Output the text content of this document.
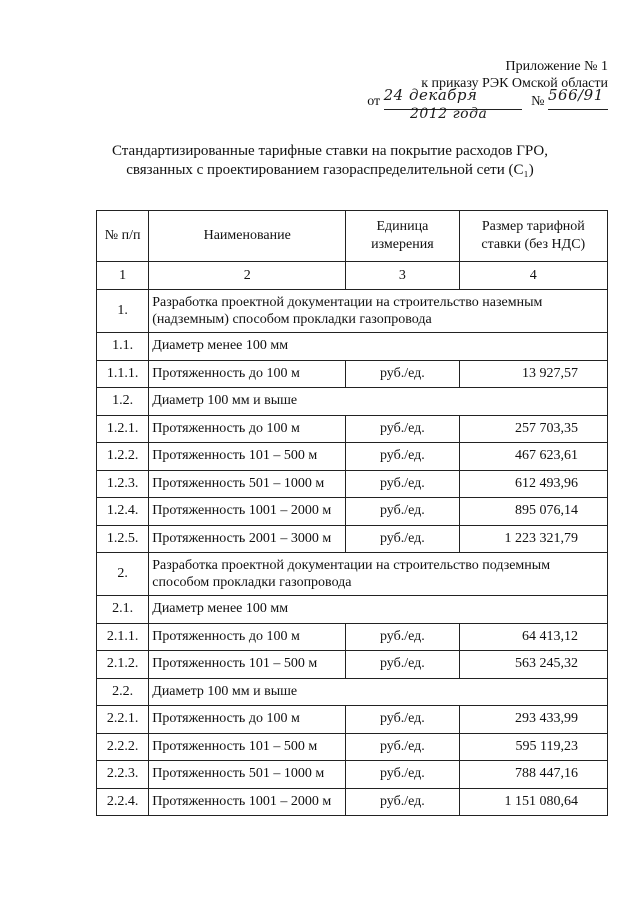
Приложение № 1
к приказу РЭК Омской области
от 24 декабря	№ 566/91
2012 года
Стандартизированные тарифные ставки на покрытие расходов ГРО,
связанных с проектированием газораспределительной сети (С₁)
№ п/п	Наименование	Единица измерения	Размер тарифной ставки (без НДС)
1	2	3	4
1.	Разработка проектной документации на строительство наземным (надземным) способом прокладки газопровода		
1.1.	Диаметр менее 100 мм		
1.1.1.	Протяженность до 100 м	руб./ед.	13 927,57
1.2.	Диаметр 100 мм и выше		
1.2.1.	Протяженность до 100 м	руб./ед.	257 703,35
1.2.2.	Протяженность 101 – 500 м	руб./ед.	467 623,61
1.2.3.	Протяженность 501 – 1000 м	руб./ед.	612 493,96
1.2.4.	Протяженность 1001 – 2000 м	руб./ед.	895 076,14
1.2.5.	Протяженность 2001 – 3000 м	руб./ед.	1 223 321,79
2.	Разработка проектной документации на строительство подземным способом прокладки газопровода		
2.1.	Диаметр менее 100 мм		
2.1.1.	Протяженность до 100 м	руб./ед.	64 413,12
2.1.2.	Протяженность 101 – 500 м	руб./ед.	563 245,32
2.2.	Диаметр 100 мм и выше		
2.2.1.	Протяженность до 100 м	руб./ед.	293 433,99
2.2.2.	Протяженность 101 – 500 м	руб./ед.	595 119,23
2.2.3.	Протяженность 501 – 1000 м	руб./ед.	788 447,16
2.2.4.	Протяженность 1001 – 2000 м	руб./ед.	1 151 080,64
